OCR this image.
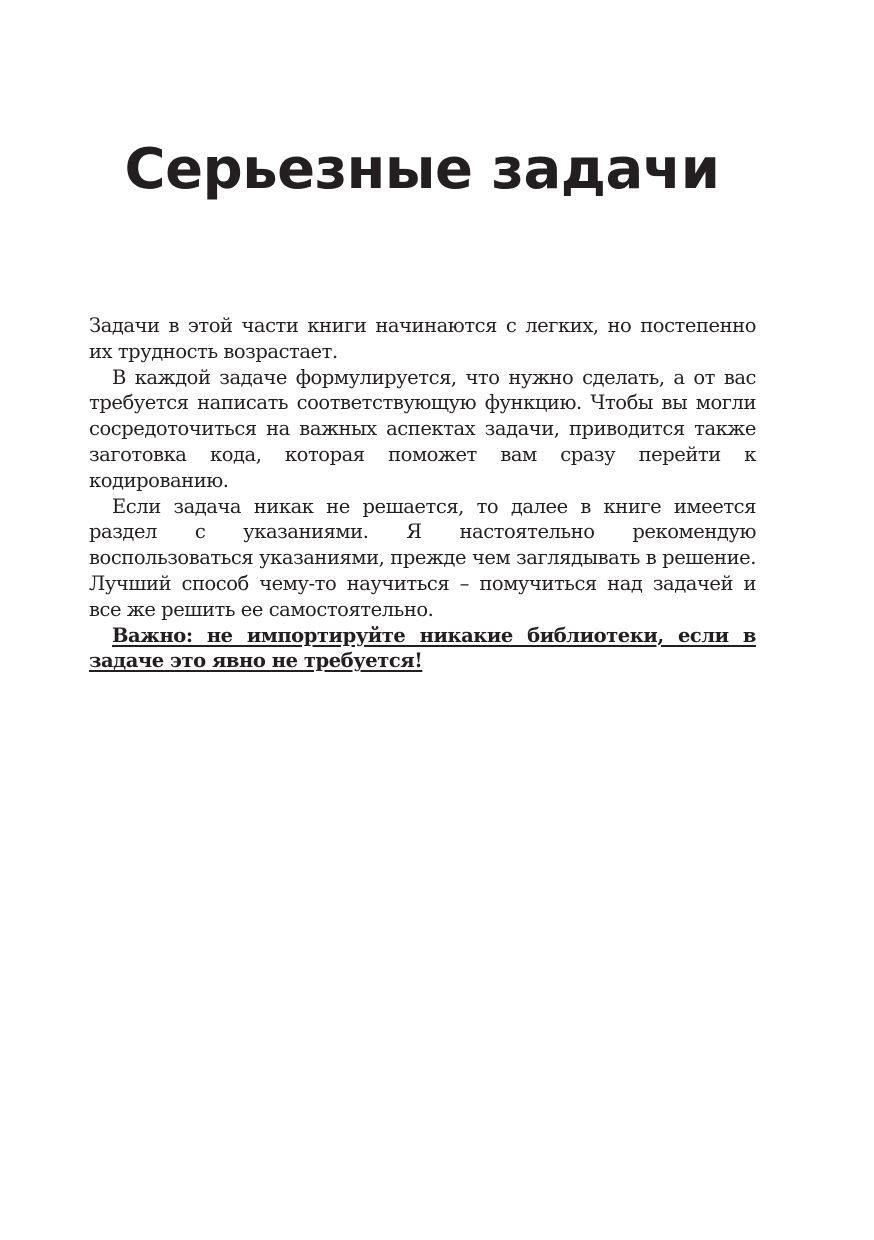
Серьезные задачи

Задачи в этой части книги начинаются с легких, но постепенно их трудность возрастает.

В каждой задаче формулируется, что нужно сделать, а от вас требуется написать соответствующую функцию. Чтобы вы могли сосредоточиться на важных аспектах задачи, приводится также заготовка кода, которая поможет вам сразу перейти к кодированию.

Если задача никак не решается, то далее в книге имеется раздел с указаниями. Я настоятельно рекомендую воспользоваться указаниями, прежде чем заглядывать в решение. Лучший способ чему-то научиться – помучиться над задачей и все же решить ее самостоятельно.

Важно: не импортируйте никакие библиотеки, если в задаче это явно не требуется!
